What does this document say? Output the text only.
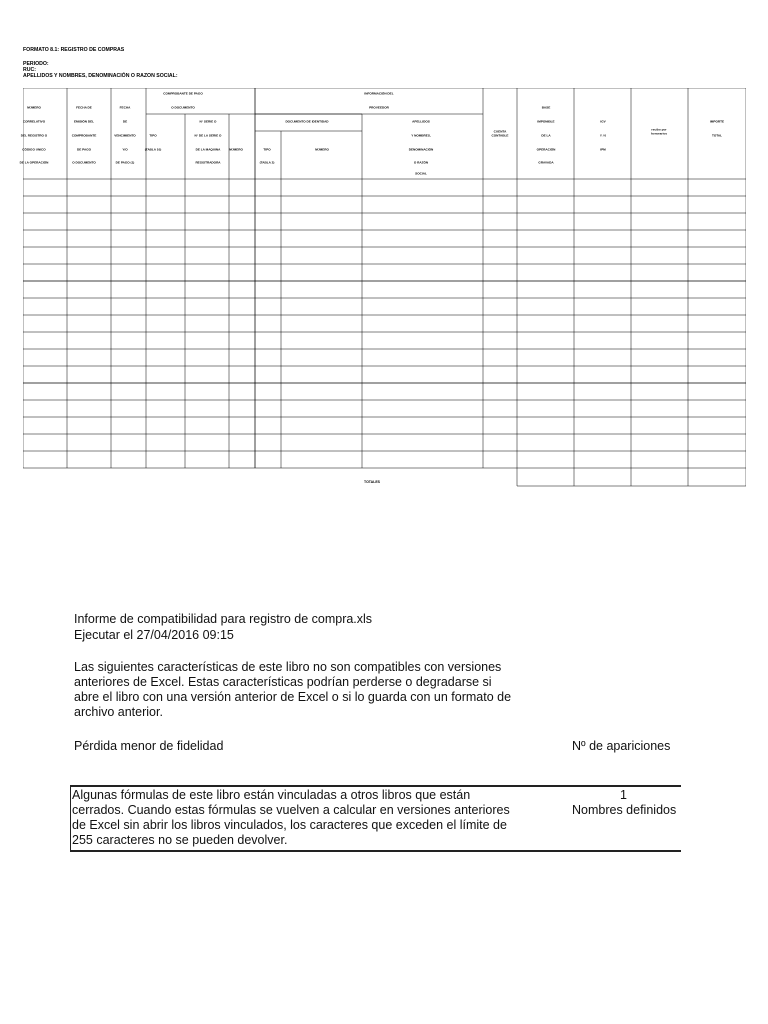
FORMATO 8.1: REGISTRO DE COMPRAS
PERIODO:
RUC:
APELLIDOS Y NOMBRES, DENOMINACIÓN O RAZON SOCIAL:
NÚMERO
CORRELATIVO
DEL REGISTRO O
CÓDIGO UNICO
DE LA OPERACIÓN
FECHA DE
EMISIÓN DEL
COMPROBANTE
DE PAGO
O DOCUMENTO
FECHA
DE
VENCIMIENTO
Y/O
DE PAGO (1)
COMPROBANTE DE PAGO
O DOCUMENTO
TIPO
(TABLA 10)
N° SERIE O
N° DE LA SERIE O
DE LA MAQUINA
REGISTRADORA
NÚMERO
INFORMACIÓN DEL
PROVEEDOR
DOCUMENTO DE IDENTIDAD
TIPO
(TABLA 2)
NÚMERO
APELLIDOS
Y NOMBRES,
DENOMINACIÓN
O RAZÓN
SOCIAL
CUENTA
CONTABLE
BASE
IMPONIBLE
DE LA
OPERACIÓN
GRAVADA
IGV
Y / 0
IPM
recibo por
honorarios
IMPORTE
TOTAL
TOTALES
Informe de compatibilidad para registro de compra.xls
Ejecutar el 27/04/2016 09:15
Las siguientes características de este libro no son compatibles con versiones
anteriores de Excel. Estas características podrían perderse o degradarse si
abre el libro con una versión anterior de Excel o si lo guarda con un formato de
archivo anterior.
Pérdida menor de fidelidad	Nº de apariciones
Algunas fórmulas de este libro están vinculadas a otros libros que están
cerrados. Cuando estas fórmulas se vuelven a calcular en versiones anteriores
de Excel sin abrir los libros vinculados, los caracteres que exceden el límite de
255 caracteres no se pueden devolver.
1
Nombres definidos
